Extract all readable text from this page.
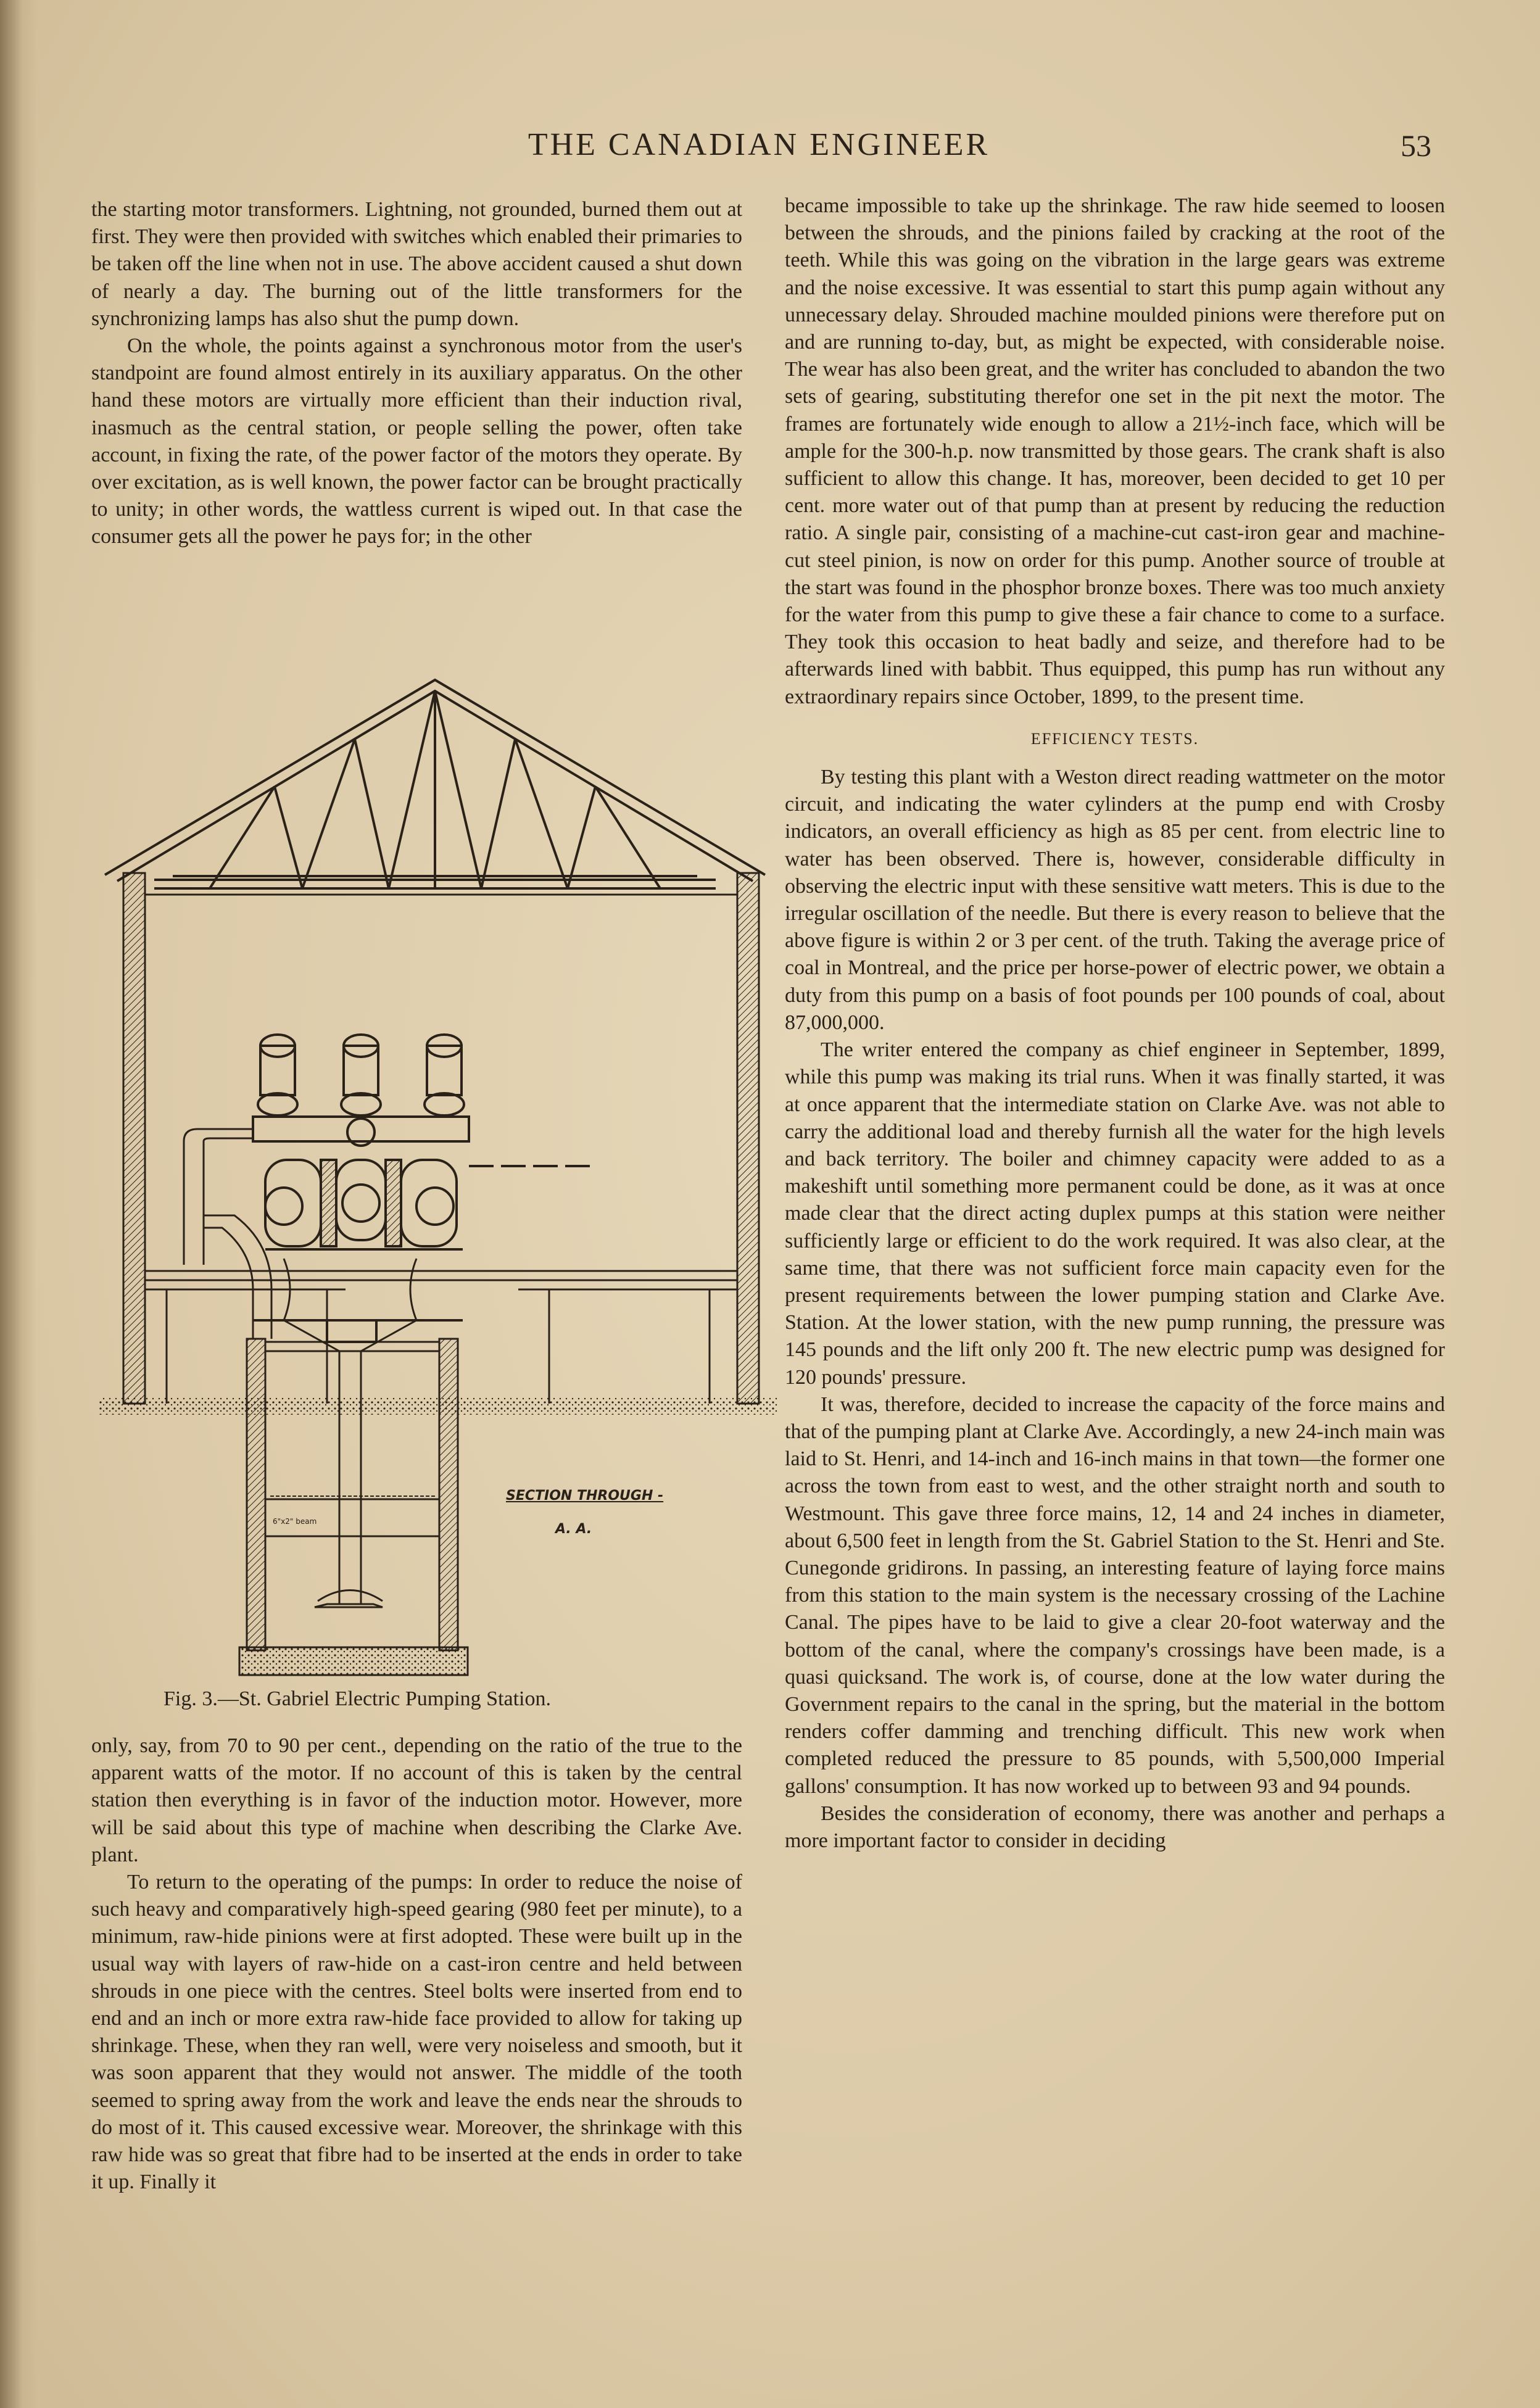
THE CANADIAN ENGINEER	53

the starting motor transformers. Lightning, not grounded, burned them out at first. They were then provided with switches which enabled their primaries to be taken off the line when not in use. The above accident caused a shut down of nearly a day. The burning out of the little transformers for the synchronizing lamps has also shut the pump down.

On the whole, the points against a synchronous motor from the user's standpoint are found almost entirely in its auxiliary apparatus. On the other hand these motors are virtually more efficient than their induction rival, inasmuch as the central station, or people selling the power, often take account, in fixing the rate, of the power factor of the motors they operate. By over excitation, as is well known, the power factor can be brought practically to unity; in other words, the wattless current is wiped out. In that case the consumer gets all the power he pays for; in the other

SECTION THROUGH -
A. A.
6"x2" beam
Fig. 3.—St. Gabriel Electric Pumping Station.

only, say, from 70 to 90 per cent., depending on the ratio of the true to the apparent watts of the motor. If no account of this is taken by the central station then everything is in favor of the induction motor. However, more will be said about this type of machine when describing the Clarke Ave. plant.

To return to the operating of the pumps: In order to reduce the noise of such heavy and comparatively high-speed gearing (980 feet per minute), to a minimum, raw-hide pinions were at first adopted. These were built up in the usual way with layers of raw-hide on a cast-iron centre and held between shrouds in one piece with the centres. Steel bolts were inserted from end to end and an inch or more extra raw-hide face provided to allow for taking up shrinkage. These, when they ran well, were very noiseless and smooth, but it was soon apparent that they would not answer. The middle of the tooth seemed to spring away from the work and leave the ends near the shrouds to do most of it. This caused excessive wear. Moreover, the shrinkage with this raw hide was so great that fibre had to be inserted at the ends in order to take it up. Finally it

became impossible to take up the shrinkage. The raw hide seemed to loosen between the shrouds, and the pinions failed by cracking at the root of the teeth. While this was going on the vibration in the large gears was extreme and the noise excessive. It was essential to start this pump again without any unnecessary delay. Shrouded machine moulded pinions were therefore put on and are running to-day, but, as might be expected, with considerable noise. The wear has also been great, and the writer has concluded to abandon the two sets of gearing, substituting therefor one set in the pit next the motor. The frames are fortunately wide enough to allow a 21½-inch face, which will be ample for the 300-h.p. now transmitted by those gears. The crank shaft is also sufficient to allow this change. It has, moreover, been decided to get 10 per cent. more water out of that pump than at present by reducing the reduction ratio. A single pair, consisting of a machine-cut cast-iron gear and machine-cut steel pinion, is now on order for this pump. Another source of trouble at the start was found in the phosphor bronze boxes. There was too much anxiety for the water from this pump to give these a fair chance to come to a surface. They took this occasion to heat badly and seize, and therefore had to be afterwards lined with babbit. Thus equipped, this pump has run without any extraordinary repairs since October, 1899, to the present time.

EFFICIENCY TESTS.

By testing this plant with a Weston direct reading wattmeter on the motor circuit, and indicating the water cylinders at the pump end with Crosby indicators, an overall efficiency as high as 85 per cent. from electric line to water has been observed. There is, however, considerable difficulty in observing the electric input with these sensitive watt meters. This is due to the irregular oscillation of the needle. But there is every reason to believe that the above figure is within 2 or 3 per cent. of the truth. Taking the average price of coal in Montreal, and the price per horse-power of electric power, we obtain a duty from this pump on a basis of foot pounds per 100 pounds of coal, about 87,000,000.

The writer entered the company as chief engineer in September, 1899, while this pump was making its trial runs. When it was finally started, it was at once apparent that the intermediate station on Clarke Ave. was not able to carry the additional load and thereby furnish all the water for the high levels and back territory. The boiler and chimney capacity were added to as a makeshift until something more permanent could be done, as it was at once made clear that the direct acting duplex pumps at this station were neither sufficiently large or efficient to do the work required. It was also clear, at the same time, that there was not sufficient force main capacity even for the present requirements between the lower pumping station and Clarke Ave. Station. At the lower station, with the new pump running, the pressure was 145 pounds and the lift only 200 ft. The new electric pump was designed for 120 pounds' pressure.

It was, therefore, decided to increase the capacity of the force mains and that of the pumping plant at Clarke Ave. Accordingly, a new 24-inch main was laid to St. Henri, and 14-inch and 16-inch mains in that town—the former one across the town from east to west, and the other straight north and south to Westmount. This gave three force mains, 12, 14 and 24 inches in diameter, about 6,500 feet in length from the St. Gabriel Station to the St. Henri and Ste. Cunegonde gridirons. In passing, an interesting feature of laying force mains from this station to the main system is the necessary crossing of the Lachine Canal. The pipes have to be laid to give a clear 20-foot waterway and the bottom of the canal, where the company's crossings have been made, is a quasi quicksand. The work is, of course, done at the low water during the Government repairs to the canal in the spring, but the material in the bottom renders coffer damming and trenching difficult. This new work when completed reduced the pressure to 85 pounds, with 5,500,000 Imperial gallons' consumption. It has now worked up to between 93 and 94 pounds.

Besides the consideration of economy, there was another and perhaps a more important factor to consider in deciding
